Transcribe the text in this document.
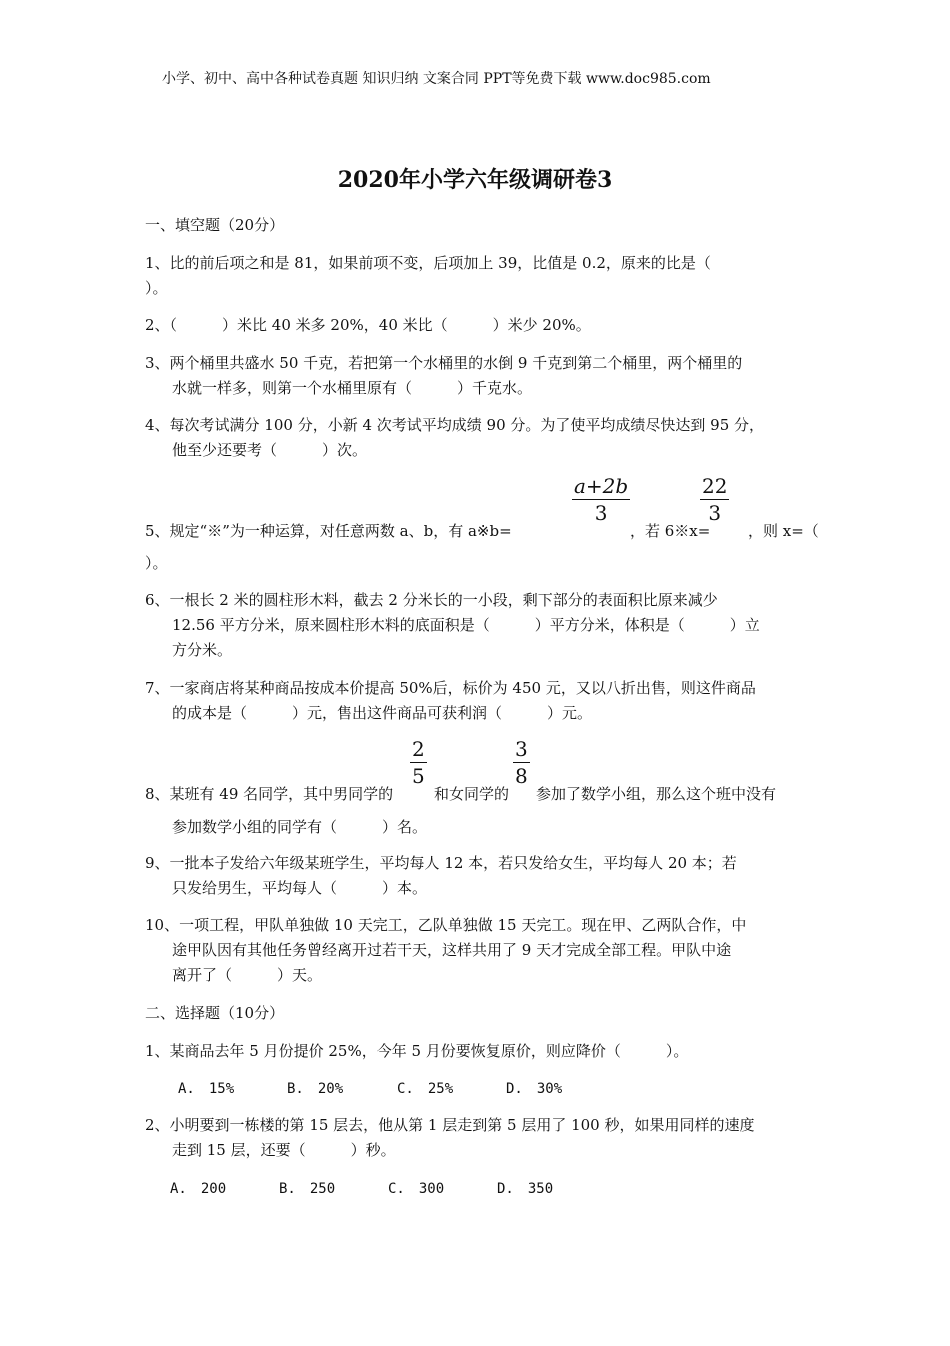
小学、初中、高中各种试卷真题 知识归纳 文案合同 PPT等免费下载 www.doc985.com
2020年小学六年级调研卷3
一、填空题（20分）
1、比的前后项之和是 81，如果前项不变，后项加上 39，比值是 0.2，原来的比是（
）。
2、（　　　）米比 40 米多 20%，40 米比（　　　）米少 20%。
3、两个桶里共盛水 50 千克，若把第一个水桶里的水倒 9 千克到第二个桶里，两个桶里的
水就一样多，则第一个水桶里原有（　　　）千克水。
4、每次考试满分 100 分，小新 4 次考试平均成绩 90 分。为了使平均成绩尽快达到 95 分，
他至少还要考（　　　）次。
$\frac{a+2b}{3}$	$\frac{22}{3}$
5、规定“※”为一种运算，对任意两数 a、b，有 a※b=	，若 6※x=	，则 x=（
）。
6、一根长 2 米的圆柱形木料，截去 2 分米长的一小段，剩下部分的表面积比原来减少
12.56 平方分米，原来圆柱形木料的底面积是（　　　）平方分米，体积是（　　　）立
方分米。
7、一家商店将某种商品按成本价提高 50%后，标价为 450 元，又以八折出售，则这件商品
的成本是（　　　）元，售出这件商品可获利润（　　　）元。
$\frac{2}{5}$	$\frac{3}{8}$
8、某班有 49 名同学，其中男同学的	和女同学的 参加了数学小组，那么这个班中没有
参加数学小组的同学有（　　　）名。
9、一批本子发给六年级某班学生，平均每人 12 本，若只发给女生，平均每人 20 本；若
只发给男生，平均每人（　　　）本。
10、一项工程，甲队单独做 10 天完工，乙队单独做 15 天完工。现在甲、乙两队合作，中
途甲队因有其他任务曾经离开过若干天，这样共用了 9 天才完成全部工程。甲队中途
离开了（　　　）天。
二、选择题（10分）
1、某商品去年 5 月份提价 25%，今年 5 月份要恢复原价，则应降价（　　　）。
A.　15%	B.　20%	C.　25%	D.　30%
2、小明要到一栋楼的第 15 层去，他从第 1 层走到第 5 层用了 100 秒，如果用同样的速度
走到 15 层，还要（　　　）秒。
A.　200	B.　250	C.　300	D.　350
